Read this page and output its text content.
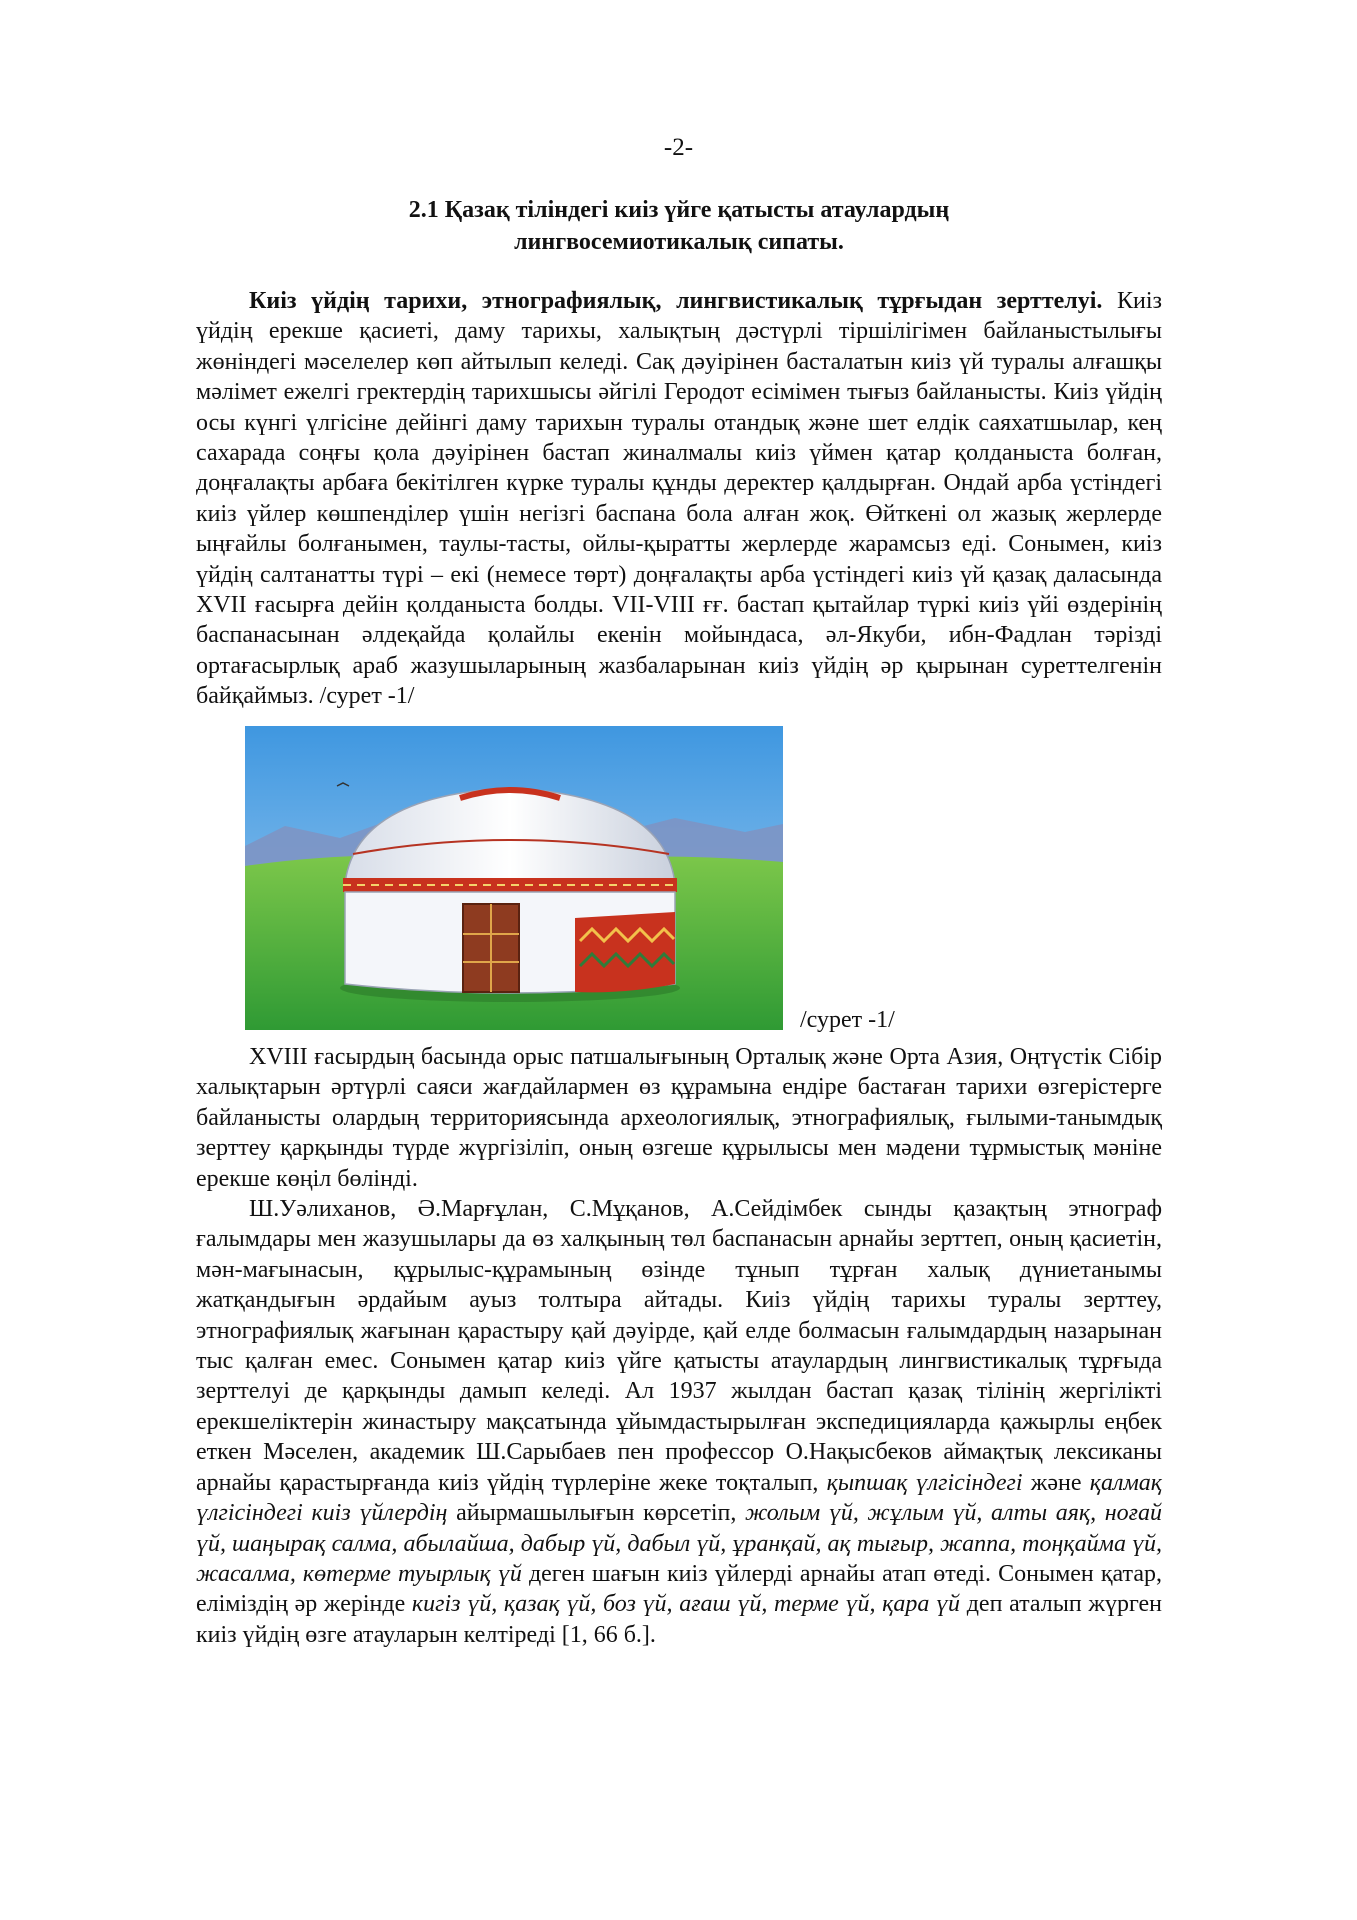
-2-
2.1 Қазақ тіліндегі киіз үйге қатысты атаулардың
лингвосемиотикалық сипаты.

Киіз үйдің тарихи, этнографиялық, лингвистикалық тұрғыдан зерттелуі. Киіз үйдің ерекше қасиеті, даму тарихы, халықтың дәстүрлі тіршілігімен байланыстылығы жөніндегі мәселелер көп айтылып келеді. Сақ дәуірінен басталатын киіз үй туралы алғашқы мәлімет ежелгі гректердің тарихшысы әйгілі Геродот есімімен тығыз байланысты. Киіз үйдің осы күнгі үлгісіне дейінгі даму тарихын туралы отандық және шет елдік саяхатшылар, кең сахарада соңғы қола дәуірінен бастап жиналмалы киіз үймен қатар қолданыста болған, доңғалақты арбаға бекітілген күрке туралы құнды деректер қалдырған. Ондай арба үстіндегі киіз үйлер көшпенділер үшін негізгі баспана бола алған жоқ. Өйткені ол жазық жерлерде ыңғайлы болғанымен, таулы-тасты, ойлы-қыратты жерлерде жарамсыз еді. Сонымен, киіз үйдің салтанатты түрі – екі (немесе төрт) доңғалақты арба үстіндегі киіз үй қазақ даласында XVII ғасырға дейін қолданыста болды. VII-VIII ғғ. бастап қытайлар түркі киіз үйі өздерінің баспанасынан әлдеқайда қолайлы екенін мойындаса, әл-Якуби, ибн-Фадлан тәрізді ортағасырлық араб жазушыларының жазбаларынан киіз үйдің әр қырынан суреттелгенін байқаймыз. /сурет -1/

/сурет -1/

XVIII ғасырдың басында орыс патшалығының Орталық және Орта Азия, Оңтүстік Сібір халықтарын әртүрлі саяси жағдайлармен өз құрамына ендіре бастаған тарихи өзгерістерге байланысты олардың территориясында археологиялық, этнографиялық, ғылыми-танымдық зерттеу қарқынды түрде жүргізіліп, оның өзгеше құрылысы мен мәдени тұрмыстық мәніне ерекше көңіл бөлінді.

Ш.Уәлиханов, Ә.Марғұлан, С.Мұқанов, А.Сейдімбек сынды қазақтың этнограф ғалымдары мен жазушылары да өз халқының төл баспанасын арнайы зерттеп, оның қасиетін, мән-мағынасын, құрылыс-құрамының өзінде тұнып тұрған халық дүниетанымы жатқандығын әрдайым ауыз толтыра айтады. Киіз үйдің тарихы туралы зерттеу, этнографиялық жағынан қарастыру қай дәуірде, қай елде болмасын ғалымдардың назарынан тыс қалған емес. Сонымен қатар киіз үйге қатысты атаулардың лингвистикалық тұрғыда зерттелуі де қарқынды дамып келеді. Ал 1937 жылдан бастап қазақ тілінің жергілікті ерекшеліктерін жинастыру мақсатында ұйымдастырылған экспедицияларда қажырлы еңбек еткен Мәселен, академик Ш.Сарыбаев пен профессор О.Нақысбеков аймақтық лексиканы арнайы қарастырғанда киіз үйдің түрлеріне жеке тоқталып, қыпшақ үлгісіндегі және қалмақ үлгісіндегі киіз үйлердің айырмашылығын көрсетіп, жолым үй, жұлым үй, алты аяқ, ноғай үй, шаңырақ салма, абылайша, дабыр үй, дабыл үй, ұранқай, ақ тығыр, жаппа, тоңқайма үй, жасалма, көтерме туырлық үй деген шағын киіз үйлерді арнайы атап өтеді. Сонымен қатар, еліміздің әр жерінде кигіз үй, қазақ үй, боз үй, ағаш үй, терме үй, қара үй деп аталып жүрген киіз үйдің өзге атауларын келтіреді [1, 66 б.].
